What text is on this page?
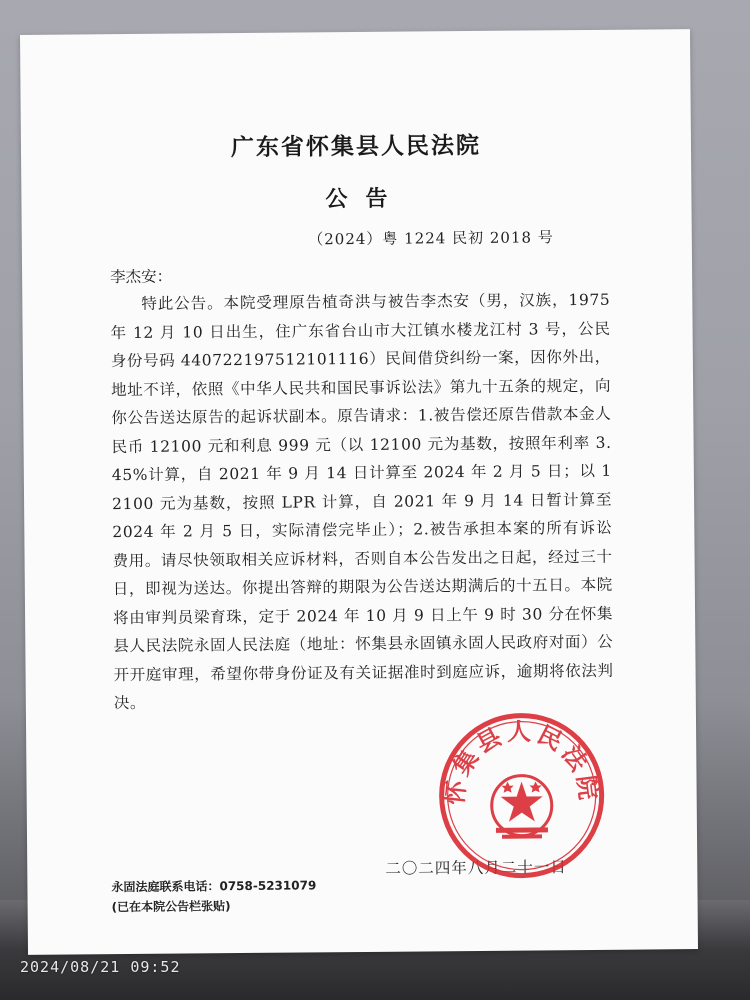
广东省怀集县人民法院
公告
（2024）粤 1224 民初 2018 号
李杰安：
特此公告。本院受理原告植奇洪与被告李杰安（男，汉族，1975 年 12 月 10 日出生，住广东省台山市大江镇水楼龙江村 3 号，公民身份号码 440722197512101116）民间借贷纠纷一案，因你外出，地址不详，依照《中华人民共和国民事诉讼法》第九十五条的规定，向你公告送达原告的起诉状副本。原告请求：1.被告偿还原告借款本金人民币 12100 元和利息 999 元（以 12100 元为基数，按照年利率 3.45%计算，自 2021 年 9 月 14 日计算至 2024 年 2 月 5 日；以 12100 元为基数，按照 LPR 计算，自 2021 年 9 月 14 日暂计算至 2024 年 2 月 5 日，实际清偿完毕止）；2.被告承担本案的所有诉讼费用。请尽快领取相关应诉材料，否则自本公告发出之日起，经过三十日，即视为送达。你提出答辩的期限为公告送达期满后的十五日。本院将由审判员梁育珠，定于 2024 年 10 月 9 日上午 9 时 30 分在怀集县人民法院永固人民法庭（地址：怀集县永固镇永固人民政府对面）公开开庭审理，希望你带身份证及有关证据准时到庭应诉，逾期将依法判决。
二〇二四年八月二十一日
怀集县人民法院
永固法庭联系电话：0758-5231079
(已在本院公告栏张贴)
2024/08/21 09:52
